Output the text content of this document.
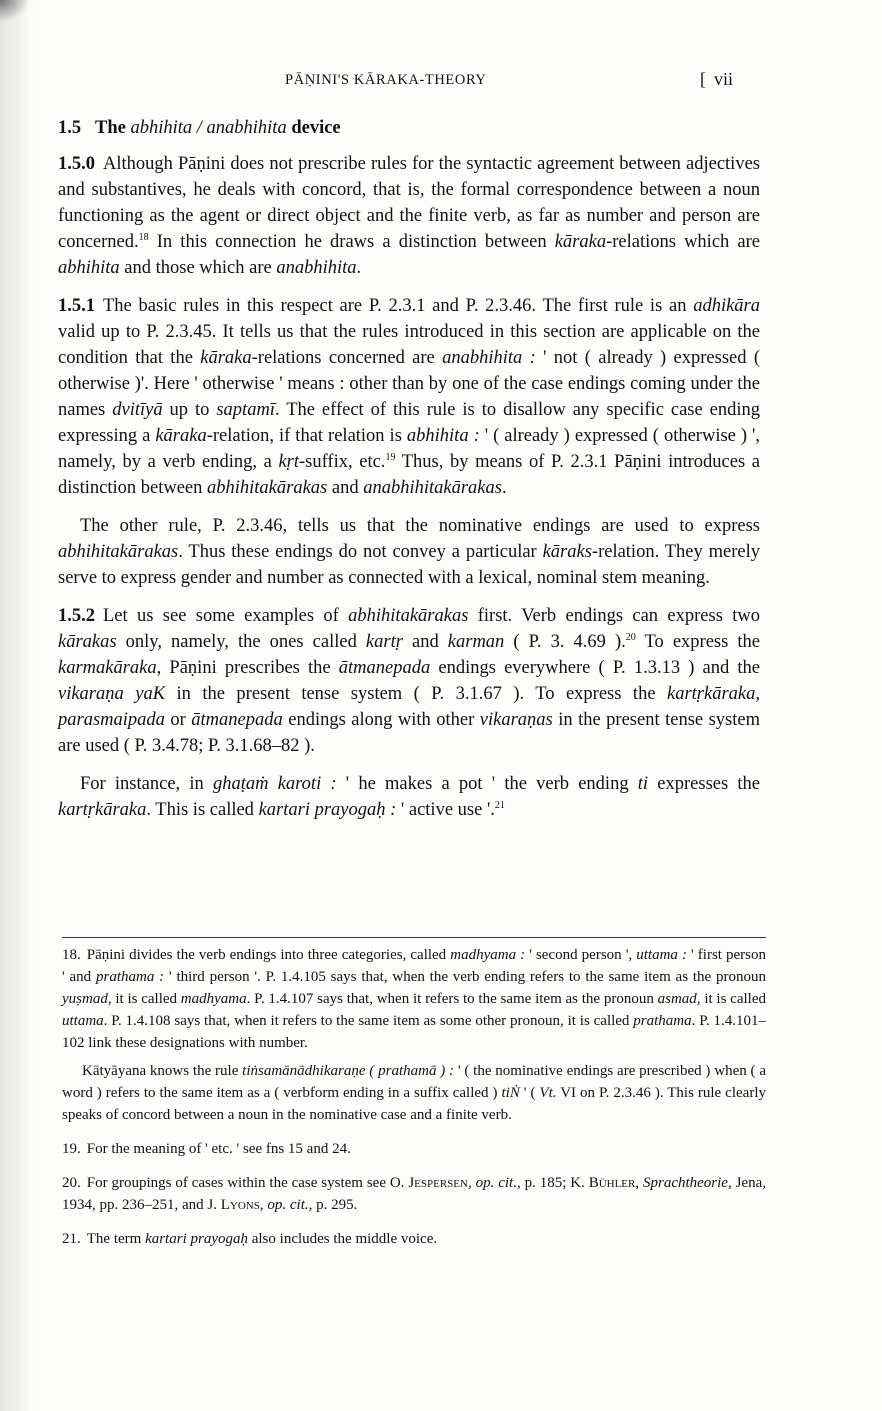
PĀṆINI'S KĀRAKA-THEORY	[ vii
1.5 The abhihita / anabhihita device

1.5.0 Although Pāṇini does not prescribe rules for the syntactic agreement between adjectives and substantives, he deals with concord, that is, the formal correspondence between a noun functioning as the agent or direct object and the finite verb, as far as number and person are concerned.$^{18}$ In this connection he draws a distinction between kāraka-relations which are abhihita and those which are anabhihita.

1.5.1 The basic rules in this respect are P. 2.3.1 and P. 2.3.46. The first rule is an adhikāra valid up to P. 2.3.45. It tells us that the rules introduced in this section are applicable on the condition that the kāraka-relations concerned are anabhihita : ' not ( already ) expressed ( otherwise )'. Here ' otherwise ' means : other than by one of the case endings coming under the names dvitīyā up to saptamī. The effect of this rule is to disallow any specific case ending expressing a kāraka-relation, if that relation is abhihita : ' ( already ) expressed ( otherwise ) ', namely, by a verb ending, a kṛt-suffix, etc.$^{19}$ Thus, by means of P. 2.3.1 Pāṇini introduces a distinction between abhihitakārakas and anabhihitakārakas.

The other rule, P. 2.3.46, tells us that the nominative endings are used to express abhihitakārakas. Thus these endings do not convey a particular kāraks-relation. They merely serve to express gender and number as connected with a lexical, nominal stem meaning.

1.5.2 Let us see some examples of abhihitakārakas first. Verb endings can express two kārakas only, namely, the ones called kartṛ and karman ( P. 3. 4.69 ).$^{20}$ To express the karmakāraka, Pāṇini prescribes the ātmanepada endings everywhere ( P. 1.3.13 ) and the vikaraṇa yaK in the present tense system ( P. 3.1.67 ). To express the kartṛkāraka, parasmaipada or ātmanepada endings along with other vikaraṇas in the present tense system are used ( P. 3.4.78; P. 3.1.68–82 ).

For instance, in ghaṭaṁ karoti : ' he makes a pot ' the verb ending ti expresses the kartṛkāraka. This is called kartari prayogaḥ : ' active use '.$^{21}$

18. Pāṇini divides the verb endings into three categories, called madhyama : ' second person ', uttama : ' first person ' and prathama : ' third person '. P. 1.4.105 says that, when the verb ending refers to the same item as the pronoun yuṣmad, it is called madhyama. P. 1.4.107 says that, when it refers to the same item as the pronoun asmad, it is called uttama. P. 1.4.108 says that, when it refers to the same item as some other pronoun, it is called prathama. P. 1.4.101–102 link these designations with number.

Kātyāyana knows the rule tiṅsamānādhikaraṇe ( prathamā ) : ' ( the nominative endings are prescribed ) when ( a word ) refers to the same item as a ( verbform ending in a suffix called ) tiṄ ' ( Vt. VI on P. 2.3.46 ). This rule clearly speaks of concord between a noun in the nominative case and a finite verb.

19. For the meaning of ' etc. ' see fns 15 and 24.

20. For groupings of cases within the case system see O. Jespersen, op. cit., p. 185; K. Bühler, Sprachtheorie, Jena, 1934, pp. 236–251, and J. Lyons, op. cit., p. 295.

21. The term kartari prayogaḥ also includes the middle voice.
